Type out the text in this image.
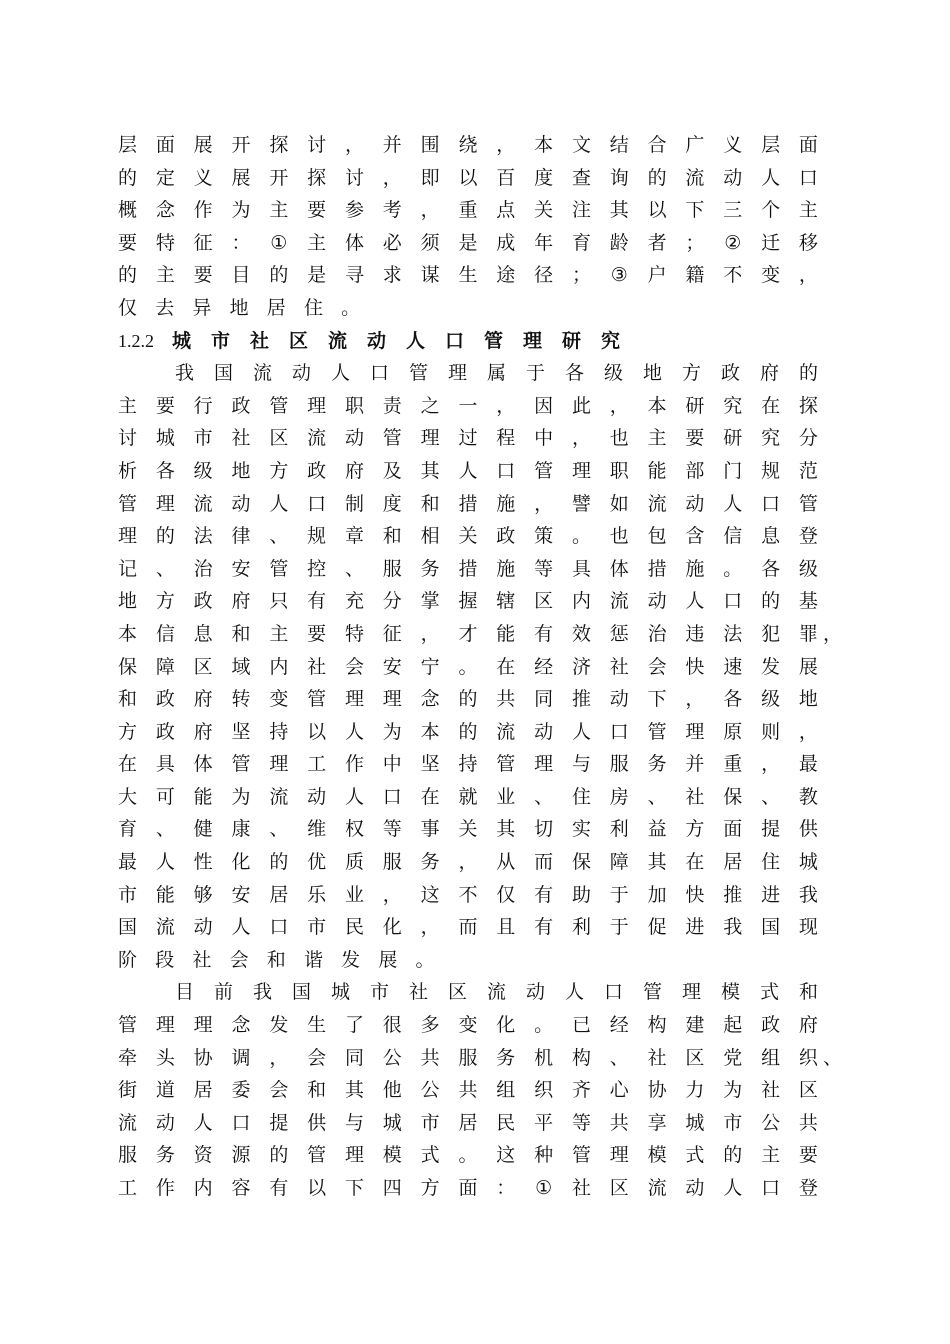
层 面 展 开 探 讨 ， 并 围 绕 ， 本 文 结 合 广 义 层 面
的 定 义 展 开 探 讨 ， 即 以 百 度 查 询 的 流 动 人 口
概 念 作 为 主 要 参 考 ， 重 点 关 注 其 以 下 三 个 主
要 特 征 ： ① 主 体 必 须 是 成 年 育 龄 者 ； ② 迁 移
的 主 要 目 的 是 寻 求 谋 生 途 径 ； ③ 户 籍 不 变 ，
仅 去 异 地 居 住 。
1.2.2 城 市 社 区 流 动 人 口 管 理 研 究
我 国 流 动 人 口 管 理 属 于 各 级 地 方 政 府 的
主 要 行 政 管 理 职 责 之 一 ， 因 此 ， 本 研 究 在 探
讨 城 市 社 区 流 动 管 理 过 程 中 ， 也 主 要 研 究 分
析 各 级 地 方 政 府 及 其 人 口 管 理 职 能 部 门 规 范
管 理 流 动 人 口 制 度 和 措 施 ， 譬 如 流 动 人 口 管
理 的 法 律 、 规 章 和 相 关 政 策 。 也 包 含 信 息 登
记 、 治 安 管 控 、 服 务 措 施 等 具 体 措 施 。 各 级
地 方 政 府 只 有 充 分 掌 握 辖 区 内 流 动 人 口 的 基
本 信 息 和 主 要 特 征 ， 才 能 有 效 惩 治 违 法 犯 罪 ，
保 障 区 域 内 社 会 安 宁 。 在 经 济 社 会 快 速 发 展
和 政 府 转 变 管 理 理 念 的 共 同 推 动 下 ， 各 级 地
方 政 府 坚 持 以 人 为 本 的 流 动 人 口 管 理 原 则 ，
在 具 体 管 理 工 作 中 坚 持 管 理 与 服 务 并 重 ， 最
大 可 能 为 流 动 人 口 在 就 业 、 住 房 、 社 保 、 教
育 、 健 康 、 维 权 等 事 关 其 切 实 利 益 方 面 提 供
最 人 性 化 的 优 质 服 务 ， 从 而 保 障 其 在 居 住 城
市 能 够 安 居 乐 业 ， 这 不 仅 有 助 于 加 快 推 进 我
国 流 动 人 口 市 民 化 ， 而 且 有 利 于 促 进 我 国 现
阶 段 社 会 和 谐 发 展 。
目 前 我 国 城 市 社 区 流 动 人 口 管 理 模 式 和
管 理 理 念 发 生 了 很 多 变 化 。 已 经 构 建 起 政 府
牵 头 协 调 ， 会 同 公 共 服 务 机 构 、 社 区 党 组 织 、
街 道 居 委 会 和 其 他 公 共 组 织 齐 心 协 力 为 社 区
流 动 人 口 提 供 与 城 市 居 民 平 等 共 享 城 市 公 共
服 务 资 源 的 管 理 模 式 。 这 种 管 理 模 式 的 主 要
工 作 内 容 有 以 下 四 方 面 ： ① 社 区 流 动 人 口 登
